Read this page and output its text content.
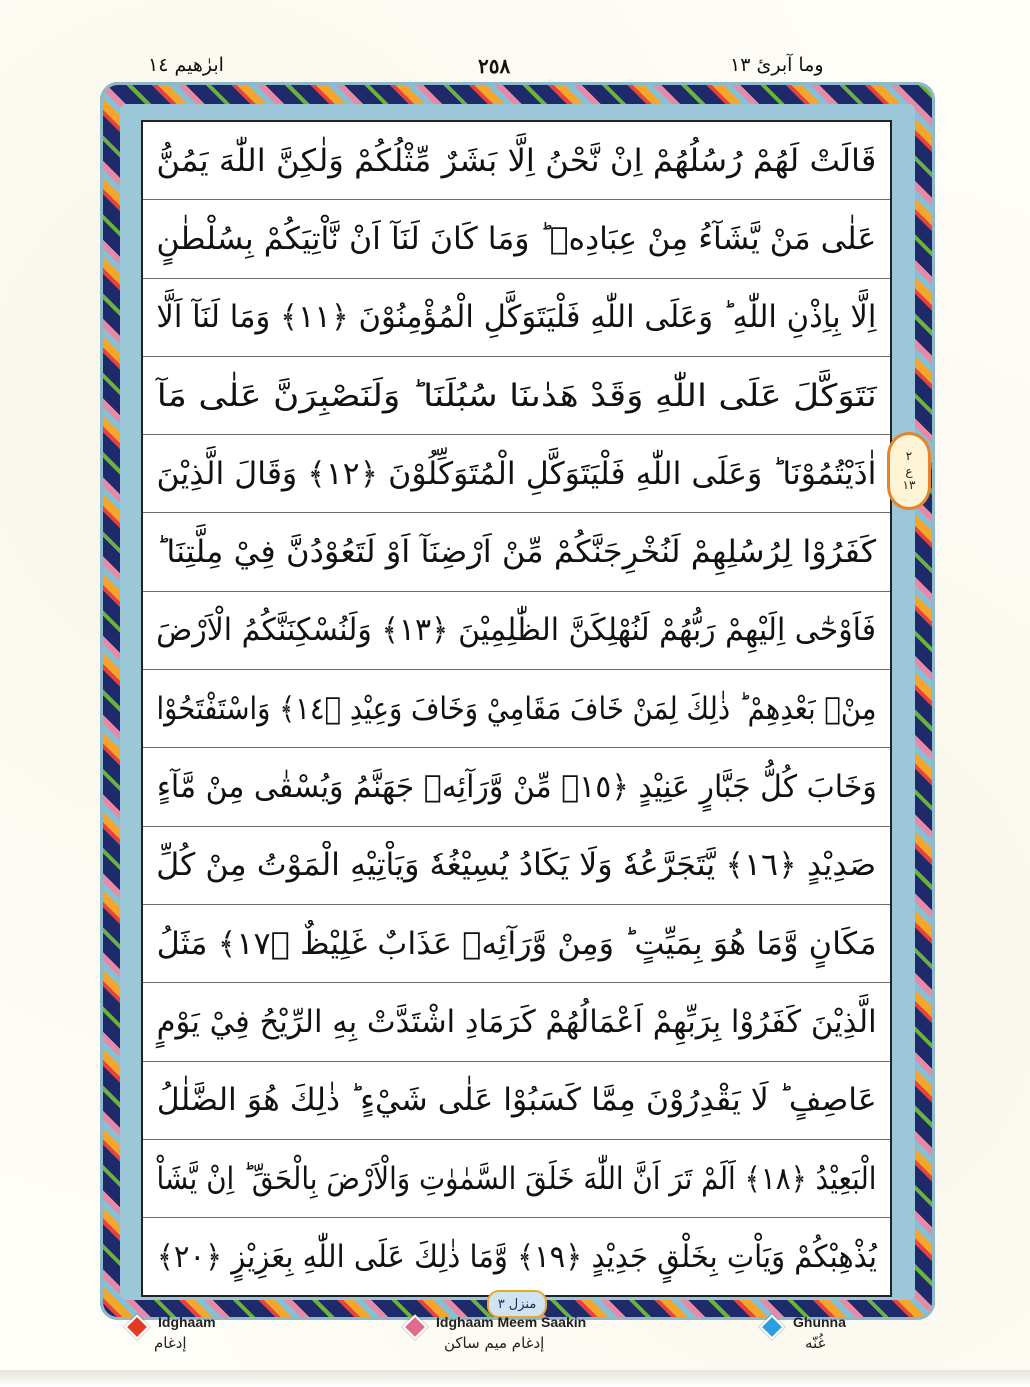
ابرٰھیم ١٤	٢٥٨	وما آبرئ ١٣
قَالَتْ لَهُمْ رُسُلُهُمْ اِنْ نَّحْنُ اِلَّا بَشَرٌ مِّثْلُكُمْ وَلٰكِنَّ اللّٰهَ يَمُنُّ
عَلٰى مَنْ يَّشَآءُ مِنْ عِبَادِهٖ ؕ وَمَا كَانَ لَنَآ اَنْ نَّاْتِيَكُمْ بِسُلْطٰنٍ
اِلَّا بِاِذْنِ اللّٰهِ ؕ وَعَلَى اللّٰهِ فَلْيَتَوَكَّلِ الْمُؤْمِنُوْنَ ﴿١١﴾ وَمَا لَنَآ اَلَّا
نَتَوَكَّلَ عَلَى اللّٰهِ وَقَدْ هَدٰىنَا سُبُلَنَا ؕ وَلَنَصْبِرَنَّ عَلٰى مَآ
اٰذَيْتُمُوْنَا ؕ وَعَلَى اللّٰهِ فَلْيَتَوَكَّلِ الْمُتَوَكِّلُوْنَ ﴿١٢﴾ وَقَالَ الَّذِيْنَ
كَفَرُوْا لِرُسُلِهِمْ لَنُخْرِجَنَّكُمْ مِّنْ اَرْضِنَآ اَوْ لَتَعُوْدُنَّ فِيْ مِلَّتِنَا ؕ
فَاَوْحٰٓى اِلَيْهِمْ رَبُّهُمْ لَنُهْلِكَنَّ الظّٰلِمِيْنَ ﴿١٣﴾ وَلَنُسْكِنَنَّكُمُ الْاَرْضَ
مِنْۢ بَعْدِهِمْ ؕ ذٰلِكَ لِمَنْ خَافَ مَقَامِيْ وَخَافَ وَعِيْدِ ﴿١٤﴾ وَاسْتَفْتَحُوْا
وَخَابَ كُلُّ جَبَّارٍ عَنِيْدٍ ﴿١٥﴾ مِّنْ وَّرَآئِهٖ جَهَنَّمُ وَيُسْقٰى مِنْ مَّآءٍ
صَدِيْدٍ ﴿١٦﴾ يَّتَجَرَّعُهٗ وَلَا يَكَادُ يُسِيْغُهٗ وَيَاْتِيْهِ الْمَوْتُ مِنْ كُلِّ
مَكَانٍ وَّمَا هُوَ بِمَيِّتٍ ؕ وَمِنْ وَّرَآئِهٖ عَذَابٌ غَلِيْظٌ ﴿١٧﴾ مَثَلُ
الَّذِيْنَ كَفَرُوْا بِرَبِّهِمْ اَعْمَالُهُمْ كَرَمَادِ اشْتَدَّتْ بِهِ الرِّيْحُ فِيْ يَوْمٍ
عَاصِفٍ ؕ لَا يَقْدِرُوْنَ مِمَّا كَسَبُوْا عَلٰى شَيْءٍ ؕ ذٰلِكَ هُوَ الضَّلٰلُ
الْبَعِيْدُ ﴿١٨﴾ اَلَمْ تَرَ اَنَّ اللّٰهَ خَلَقَ السَّمٰوٰتِ وَالْاَرْضَ بِالْحَقِّ ؕ اِنْ يَّشَاْ
يُذْهِبْكُمْ وَيَاْتِ بِخَلْقٍ جَدِيْدٍ ﴿١٩﴾ وَّمَا ذٰلِكَ عَلَى اللّٰهِ بِعَزِيْزٍ ﴿٢٠﴾
٢
ع
١٣
منزل ٣
Idghaam
إدغام
Idghaam Meem Saakin
إدغام ميم ساكن
Ghunna
غُنّه
